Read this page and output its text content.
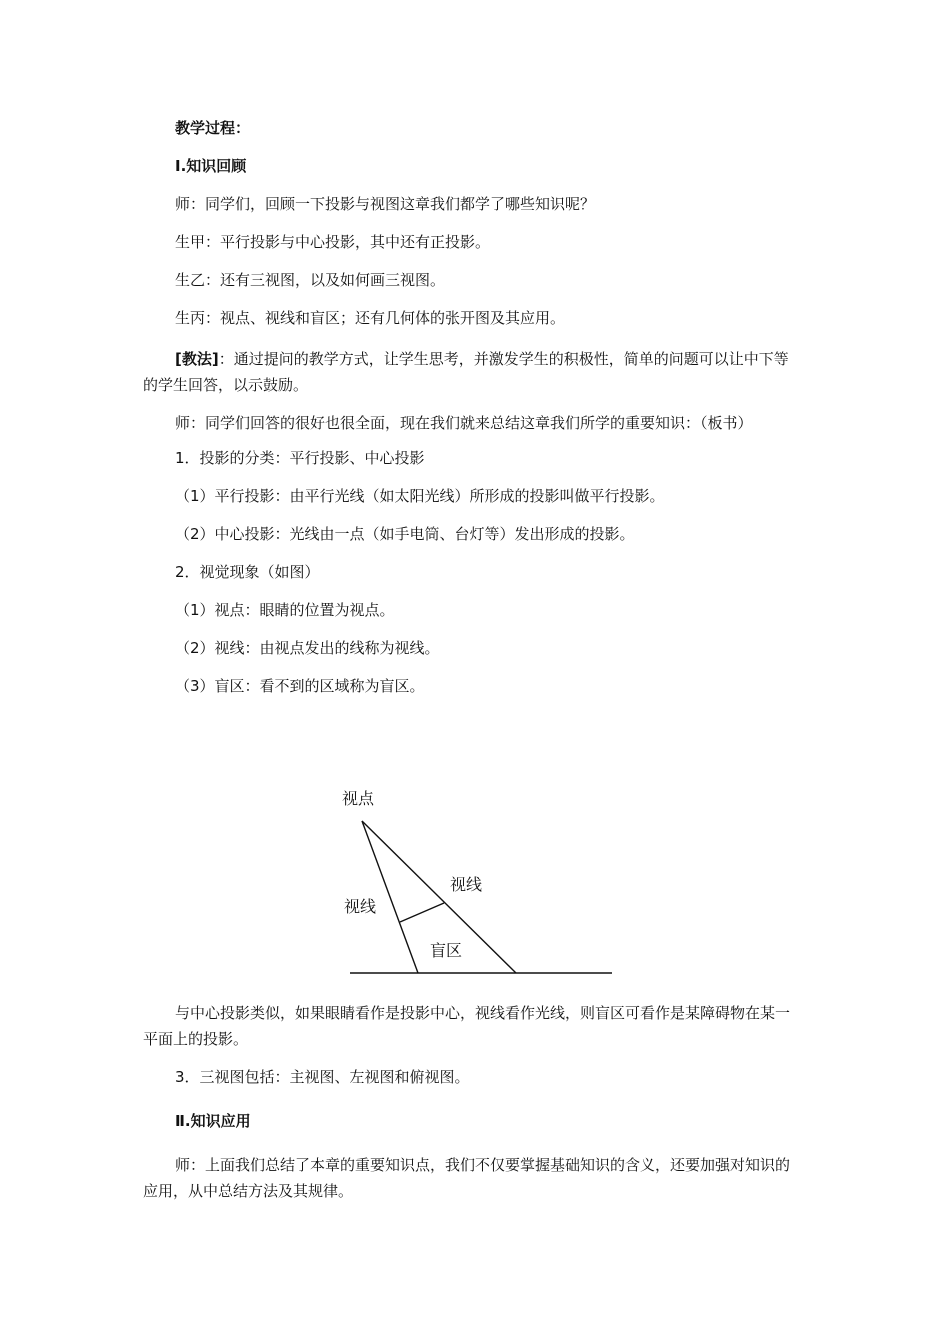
教学过程：
Ⅰ.知识回顾
师：同学们，回顾一下投影与视图这章我们都学了哪些知识呢？
生甲：平行投影与中心投影，其中还有正投影。
生乙：还有三视图，以及如何画三视图。
生丙：视点、视线和盲区；还有几何体的张开图及其应用。
[教法]：通过提问的教学方式，让学生思考，并激发学生的积极性，简单的问题可以让中下等的学生回答，以示鼓励。
师：同学们回答的很好也很全面，现在我们就来总结这章我们所学的重要知识：（板书）
1．投影的分类：平行投影、中心投影
（1）平行投影：由平行光线（如太阳光线）所形成的投影叫做平行投影。
（2）中心投影：光线由一点（如手电筒、台灯等）发出形成的投影。
2．视觉现象（如图）
（1）视点：眼睛的位置为视点。
（2）视线：由视点发出的线称为视线。
（3）盲区：看不到的区域称为盲区。
视点
视线
视线
盲区
与中心投影类似，如果眼睛看作是投影中心，视线看作光线，则盲区可看作是某障碍物在某一平面上的投影。
3．三视图包括：主视图、左视图和俯视图。
Ⅱ.知识应用
师：上面我们总结了本章的重要知识点，我们不仅要掌握基础知识的含义，还要加强对知识的应用，从中总结方法及其规律。
